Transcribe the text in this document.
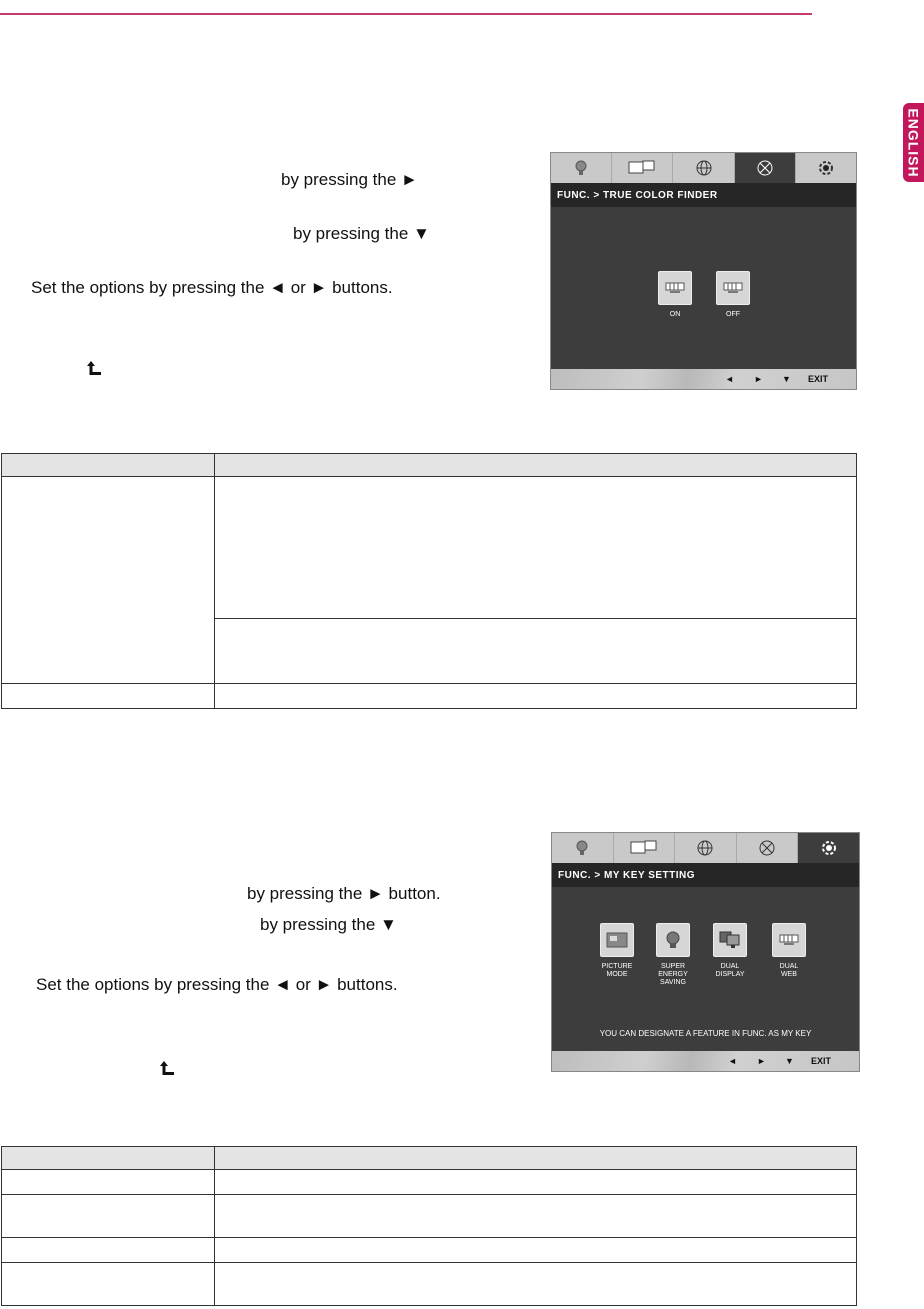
ENGLISH
by pressing the ►
by pressing the ▼
Set the options by pressing the ◄ or ► buttons.
FUNC. > TRUE COLOR FINDER
ON	OFF
◄ ► ▼ EXIT

by pressing the ► button.
by pressing the ▼
Set the options by pressing the ◄ or ► buttons.
FUNC. > MY KEY SETTING
PICTURE
MODE
SUPER
ENERGY
SAVING
DUAL
DISPLAY
DUAL
WEB
YOU CAN DESIGNATE A FEATURE IN FUNC. AS MY KEY
◄ ► ▼ EXIT
